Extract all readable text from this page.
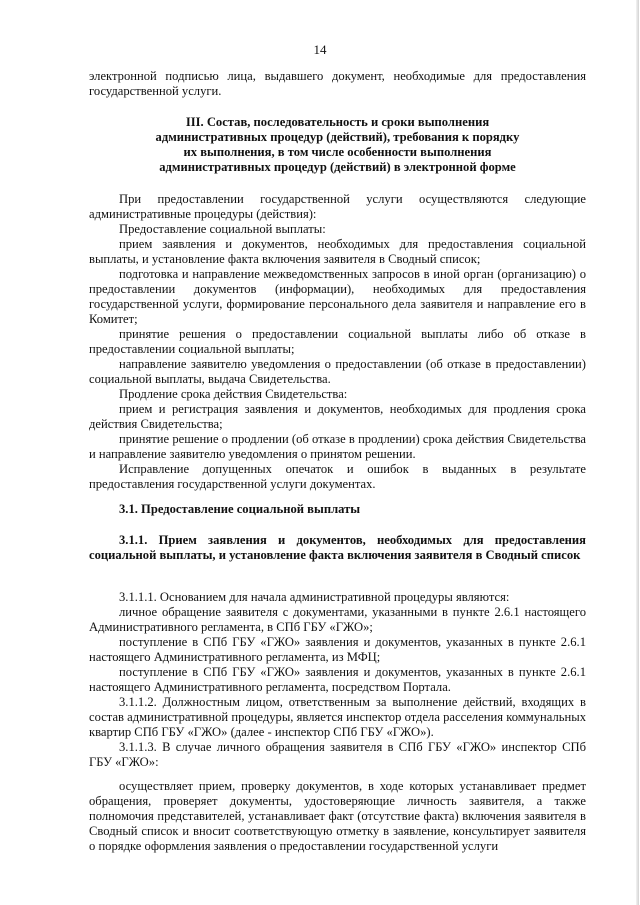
14

электронной подписью лица, выдавшего документ, необходимые для предоставления государственной услуги.

III. Состав, последовательность и сроки выполнения
административных процедур (действий), требования к порядку
их выполнения, в том числе особенности выполнения
административных процедур (действий) в электронной форме

При предоставлении государственной услуги осуществляются следующие административные процедуры (действия):

Предоставление социальной выплаты:

прием заявления и документов, необходимых для предоставления социальной выплаты, и установление факта включения заявителя в Сводный список;

подготовка и направление межведомственных запросов в иной орган (организацию) о предоставлении документов (информации), необходимых для предоставления государственной услуги, формирование персонального дела заявителя и направление его в Комитет;

принятие решения о предоставлении социальной выплаты либо об отказе в предоставлении социальной выплаты;

направление заявителю уведомления о предоставлении (об отказе в предоставлении) социальной выплаты, выдача Свидетельства.

Продление срока действия Свидетельства:

прием и регистрация заявления и документов, необходимых для продления срока действия Свидетельства;

принятие решение о продлении (об отказе в продлении) срока действия Свидетельства и направление заявителю уведомления о принятом решении.

Исправление допущенных опечаток и ошибок в выданных в результате предоставления государственной услуги документах.

3.1. Предоставление социальной выплаты

3.1.1. Прием заявления и документов, необходимых для предоставления социальной выплаты, и установление факта включения заявителя в Сводный список

3.1.1.1. Основанием для начала административной процедуры являются:

личное обращение заявителя с документами, указанными в пункте 2.6.1 настоящего Административного регламента, в СПб ГБУ «ГЖО»;

поступление в СПб ГБУ «ГЖО» заявления и документов, указанных в пункте 2.6.1 настоящего Административного регламента, из МФЦ;

поступление в СПб ГБУ «ГЖО» заявления и документов, указанных в пункте 2.6.1 настоящего Административного регламента, посредством Портала.

3.1.1.2. Должностным лицом, ответственным за выполнение действий, входящих в состав административной процедуры, является инспектор отдела расселения коммунальных квартир СПб ГБУ «ГЖО» (далее - инспектор СПб ГБУ «ГЖО»).

3.1.1.3. В случае личного обращения заявителя в СПб ГБУ «ГЖО» инспектор СПб ГБУ «ГЖО»:

осуществляет прием, проверку документов, в ходе которых устанавливает предмет обращения, проверяет документы, удостоверяющие личность заявителя, а также полномочия представителей, устанавливает факт (отсутствие факта) включения заявителя в Сводный список и вносит соответствующую отметку в заявление, консультирует заявителя о порядке оформления заявления о предоставлении государственной услуги
